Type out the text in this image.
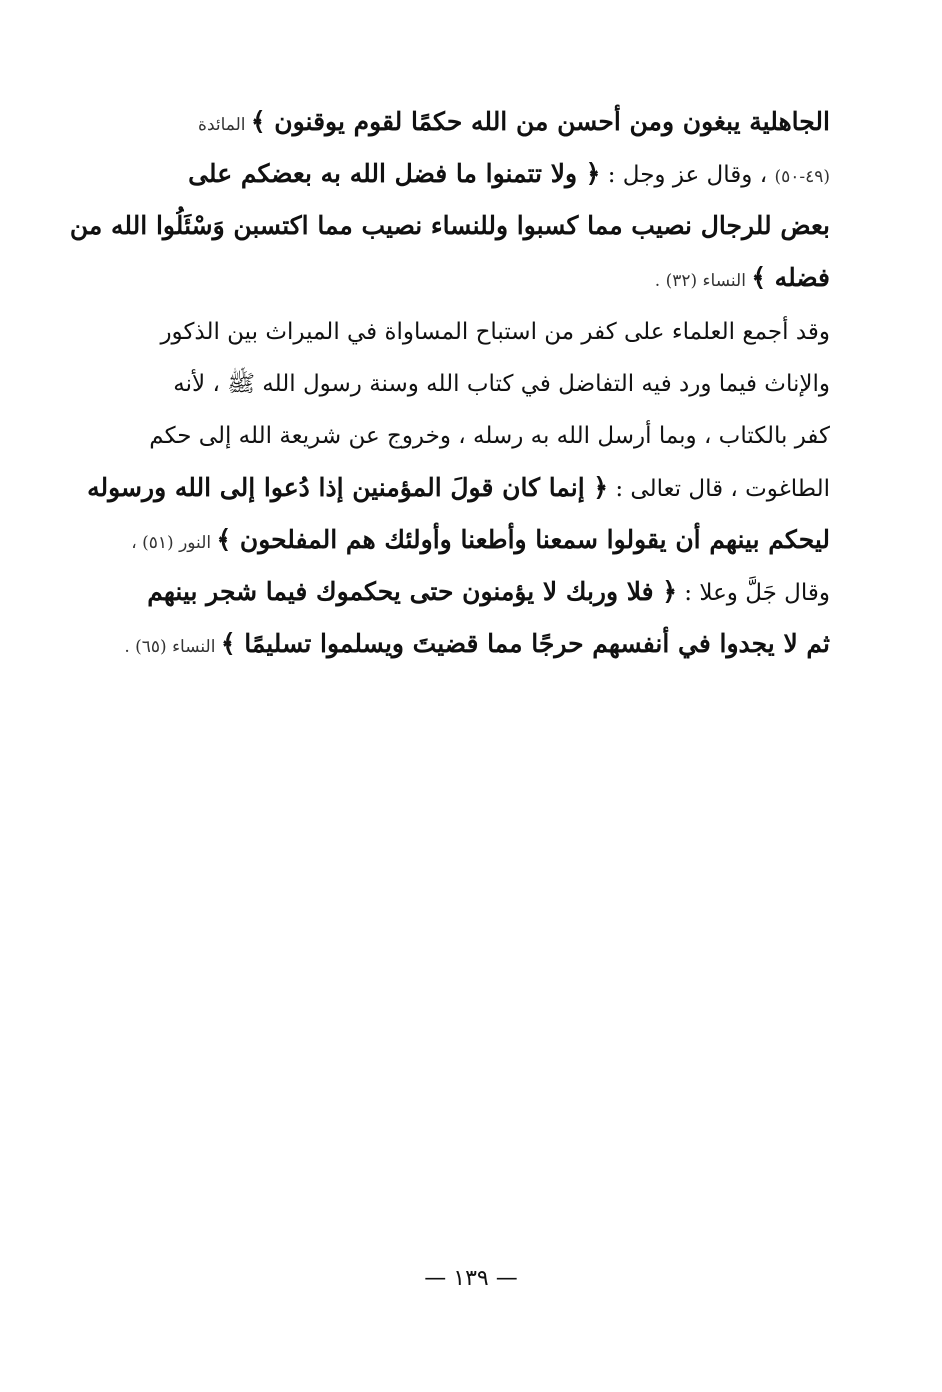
الجاهلية يبغون ومن أحسن من الله حكمًا لقوم يوقنون ﴾ المائدة
(٤٩-٥٠) ، وقال عز وجل : ﴿ ولا تتمنوا ما فضل الله به بعضكم على
بعض للرجال نصيب مما كسبوا وللنساء نصيب مما اكتسبن وَسْئَلُوا الله من
فضله ﴾ النساء (٣٢) .
وقد أجمع العلماء على كفر من استباح المساواة في الميراث بين الذكور
والإناث فيما ورد فيه التفاضل في كتاب الله وسنة رسول الله ﷺ ، لأنه
كفر بالكتاب ، وبما أرسل الله به رسله ، وخروج عن شريعة الله إلى حكم
الطاغوت ، قال تعالى : ﴿ إنما كان قولَ المؤمنين إذا دُعوا إلى الله ورسوله
ليحكم بينهم أن يقولوا سمعنا وأطعنا وأولئك هم المفلحون ﴾ النور (٥١) ،
وقال جَلَّ وعلا : ﴿ فلا وربك لا يؤمنون حتى يحكموك فيما شجر بينهم
ثم لا يجدوا في أنفسهم حرجًا مما قضيتَ ويسلموا تسليمًا ﴾ النساء (٦٥) .
— ١٣٩ —
